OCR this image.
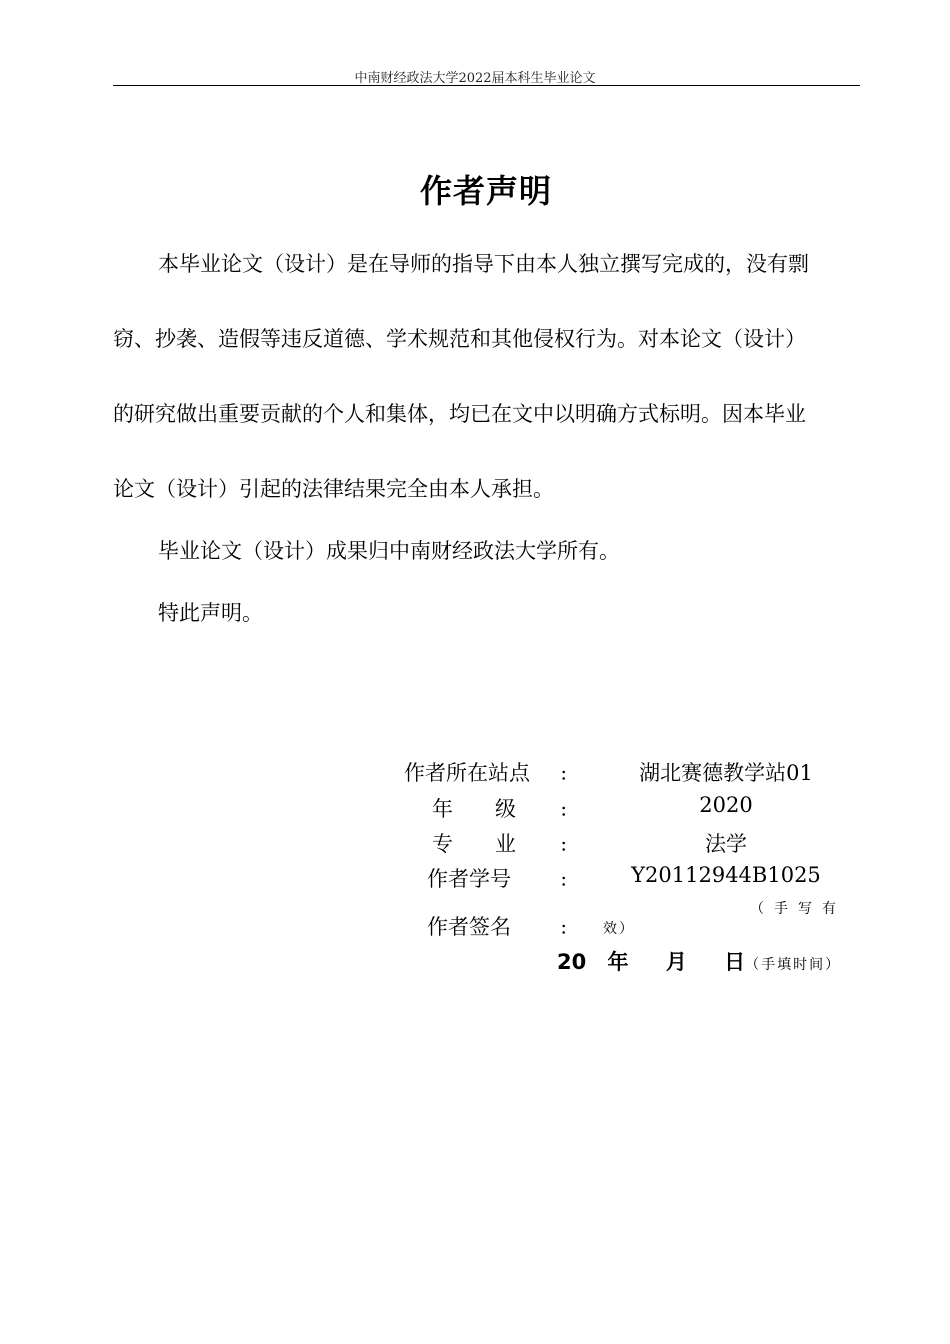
中南财经政法大学2022届本科生毕业论文
作者声明
本毕业论文（设计）是在导师的指导下由本人独立撰写完成的，没有剽
窃、抄袭、造假等违反道德、学术规范和其他侵权行为。对本论文（设计）
的研究做出重要贡献的个人和集体，均已在文中以明确方式标明。因本毕业
论文（设计）引起的法律结果完全由本人承担。
毕业论文（设计）成果归中南财经政法大学所有。
特此声明。
作者所在站点 ：	湖北赛德教学站01
年　　级	：	2020
专　　业	：	法学
作者学号	：	Y20112944B1025
作者签名	：
（手写有
效）
20 年 月 日（手填时间）
